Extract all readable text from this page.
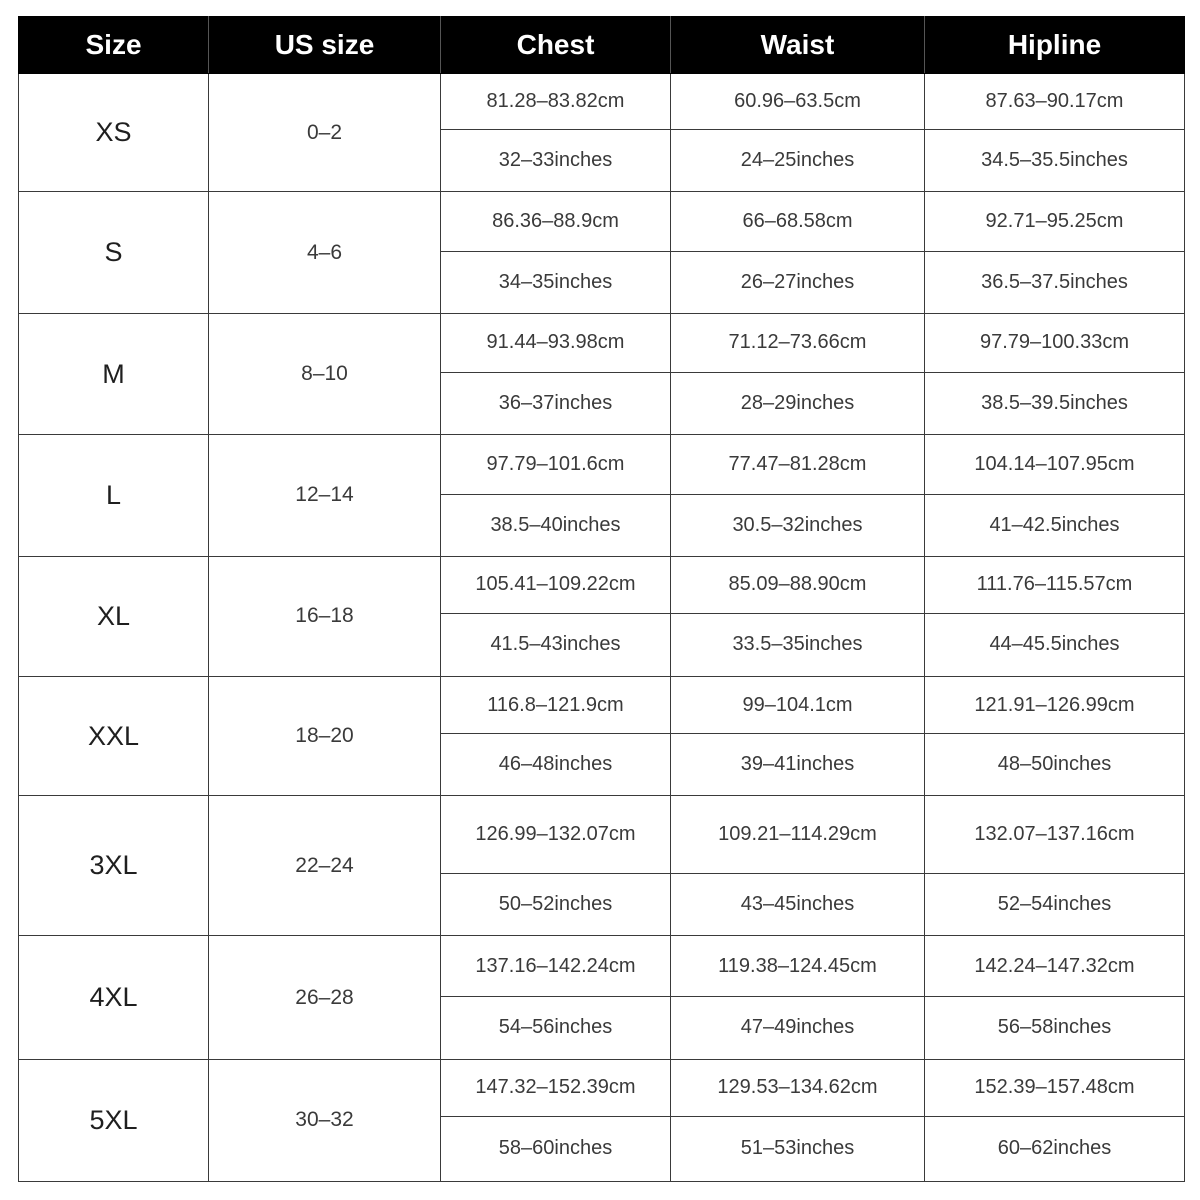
Size	US size	Chest	Waist	Hipline
XS	0–2	81.28–83.82cm	60.96–63.5cm	87.63–90.17cm
		32–33inches	24–25inches	34.5–35.5inches
S	4–6	86.36–88.9cm	66–68.58cm	92.71–95.25cm
		34–35inches	26–27inches	36.5–37.5inches
M	8–10	91.44–93.98cm	71.12–73.66cm	97.79–100.33cm
		36–37inches	28–29inches	38.5–39.5inches
L	12–14	97.79–101.6cm	77.47–81.28cm	104.14–107.95cm
		38.5–40inches	30.5–32inches	41–42.5inches
XL	16–18	105.41–109.22cm	85.09–88.90cm	111.76–115.57cm
		41.5–43inches	33.5–35inches	44–45.5inches
XXL	18–20	116.8–121.9cm	99–104.1cm	121.91–126.99cm
		46–48inches	39–41inches	48–50inches
3XL	22–24	126.99–132.07cm	109.21–114.29cm	132.07–137.16cm
		50–52inches	43–45inches	52–54inches
4XL	26–28	137.16–142.24cm	119.38–124.45cm	142.24–147.32cm
		54–56inches	47–49inches	56–58inches
5XL	30–32	147.32–152.39cm	129.53–134.62cm	152.39–157.48cm
		58–60inches	51–53inches	60–62inches
